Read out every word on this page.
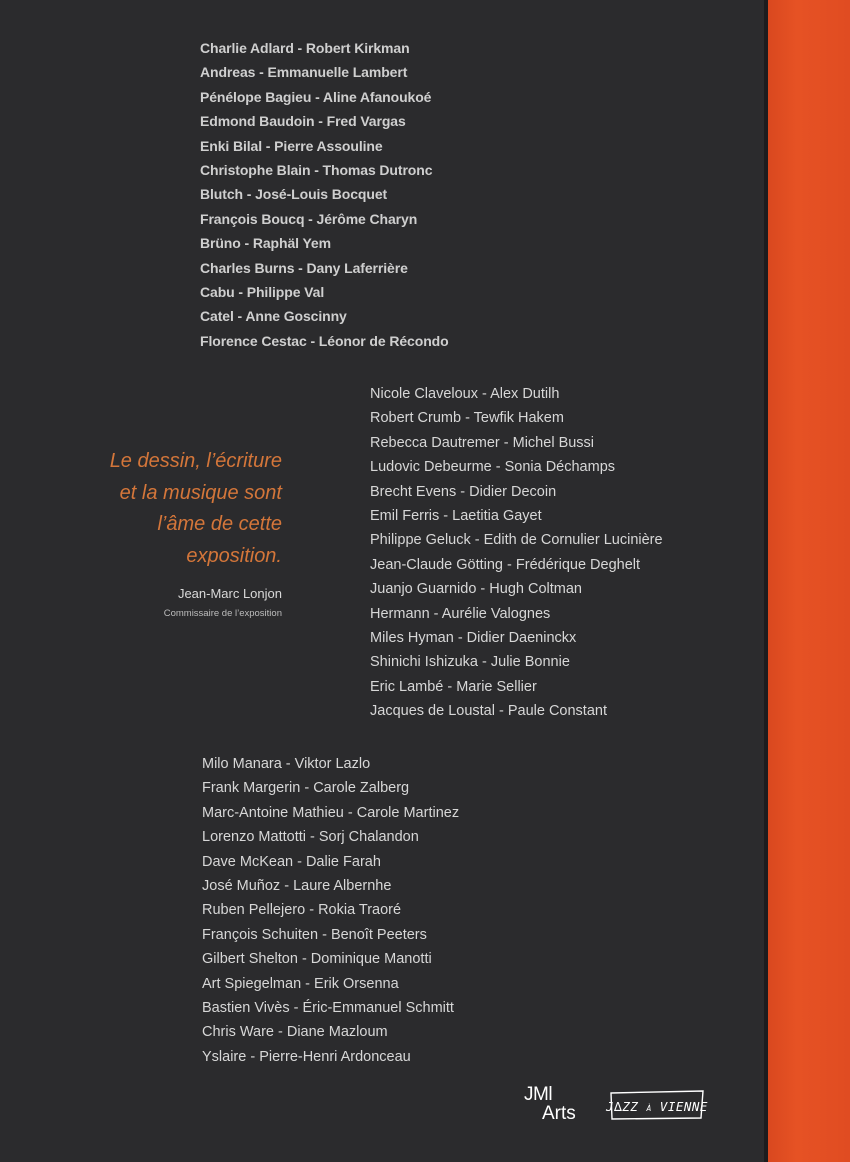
Charlie Adlard - Robert Kirkman
Andreas - Emmanuelle Lambert
Pénélope Bagieu - Aline Afanoukoé
Edmond Baudoin - Fred Vargas
Enki Bilal - Pierre Assouline
Christophe Blain - Thomas Dutronc
Blutch - José-Louis Bocquet
François Boucq - Jérôme Charyn
Brüno - Raphäl Yem
Charles Burns - Dany Laferrière
Cabu - Philippe Val
Catel - Anne Goscinny
Florence Cestac - Léonor de Récondo
Nicole Claveloux - Alex Dutilh
Robert Crumb - Tewfik Hakem
Rebecca Dautremer - Michel Bussi
Ludovic Debeurme - Sonia Déchamps
Brecht Evens - Didier Decoin
Emil Ferris - Laetitia Gayet
Philippe Geluck - Edith de Cornulier Lucinière
Jean-Claude Götting - Frédérique Deghelt
Juanjo Guarnido - Hugh Coltman
Hermann - Aurélie Valognes
Miles Hyman - Didier Daeninckx
Shinichi Ishizuka - Julie Bonnie
Eric Lambé - Marie Sellier
Jacques de Loustal - Paule Constant
Milo Manara - Viktor Lazlo
Frank Margerin - Carole Zalberg
Marc-Antoine Mathieu - Carole Martinez
Lorenzo Mattotti - Sorj Chalandon
Dave McKean - Dalie Farah
José Muñoz - Laure Albernhe
Ruben Pellejero - Rokia Traoré
François Schuiten - Benoît Peeters
Gilbert Shelton - Dominique Manotti
Art Spiegelman - Erik Orsenna
Bastien Vivès - Éric-Emmanuel Schmitt
Chris Ware - Diane Mazloum
Yslaire - Pierre-Henri Ardonceau
Le dessin, l’écriture
et la musique sont
l’âme de cette
exposition.
Jean-Marc Lonjon
Commissaire de l’exposition
JMl
Arts	J∆ZZ À VIENNE
